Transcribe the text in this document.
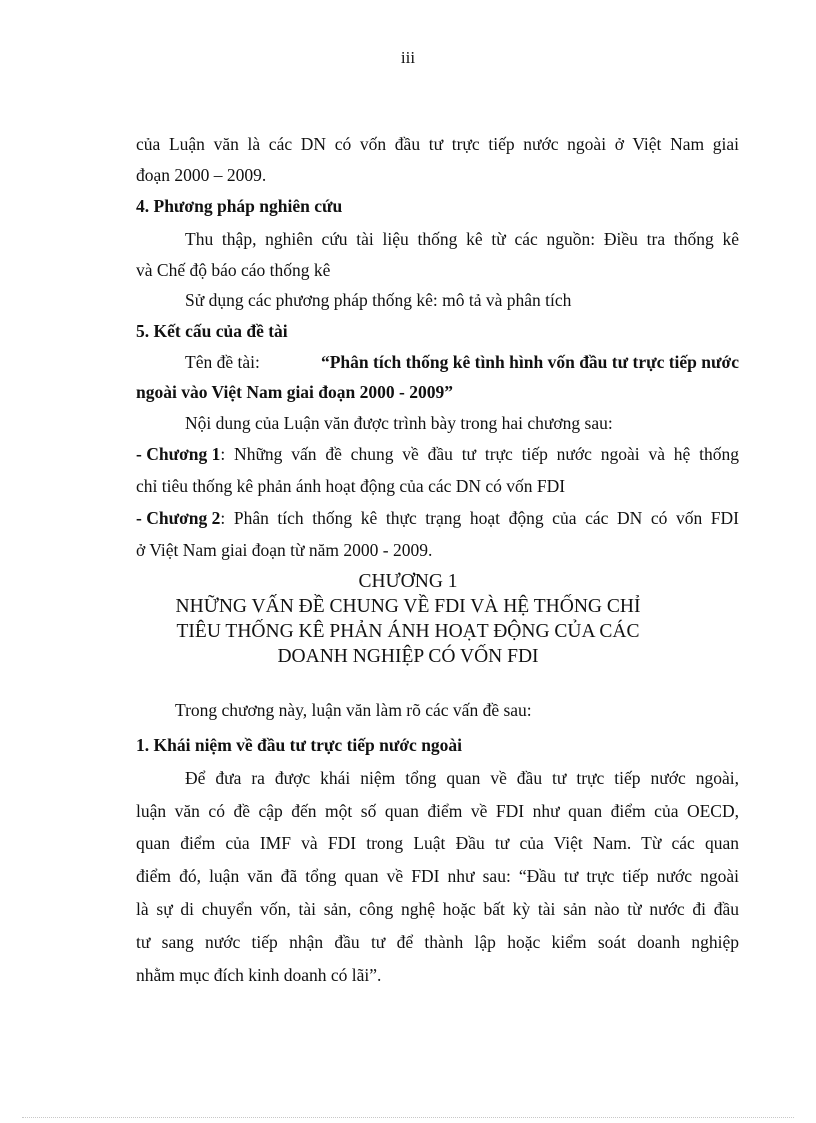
iii
của Luận văn là các DN có vốn đầu tư trực tiếp nước ngoài ở Việt Nam giai
đoạn 2000 – 2009.
4. Phương pháp nghiên cứu
Thu thập, nghiên cứu tài liệu thống kê từ các nguồn: Điều tra thống kê
và Chế độ báo cáo thống kê
Sử dụng các phương pháp thống kê: mô tả và phân tích
5. Kết cấu của đề tài
Tên đề tài:	“Phân tích thống kê tình hình vốn đầu tư trực tiếp nước
ngoài vào Việt Nam giai đoạn 2000 - 2009”
Nội dung của Luận văn được trình bày trong hai chương sau:
- Chương 1 : Những vấn đề chung về đầu tư trực tiếp nước ngoài và hệ thống
chỉ tiêu thống kê phản ánh hoạt động của các DN có vốn FDI
- Chương 2 : Phân tích thống kê thực trạng hoạt động của các DN có vốn FDI
ở Việt Nam giai đoạn từ năm 2000 - 2009.
CHƯƠNG 1
NHỮNG VẤN ĐỀ CHUNG VỀ FDI VÀ HỆ THỐNG CHỈ
TIÊU THỐNG KÊ PHẢN ÁNH HOẠT ĐỘNG CỦA CÁC
DOANH NGHIỆP CÓ VỐN FDI
Trong chương này, luận văn làm rõ các vấn đề sau:
1. Khái niệm về đầu tư trực tiếp nước ngoài
Để đưa ra được khái niệm tổng quan về đầu tư trực tiếp nước ngoài,
luận văn có đề cập đến một số quan điểm về FDI như quan điểm của OECD,
quan điểm của IMF và FDI trong Luật Đầu tư của Việt Nam. Từ các quan
điểm đó, luận văn đã tổng quan về FDI như sau: “Đầu tư trực tiếp nước ngoài
là sự di chuyển vốn, tài sản, công nghệ hoặc bất kỳ tài sản nào từ nước đi đầu
tư sang nước tiếp nhận đầu tư để thành lập hoặc kiểm soát doanh nghiệp
nhằm mục đích kinh doanh có lãi”.
